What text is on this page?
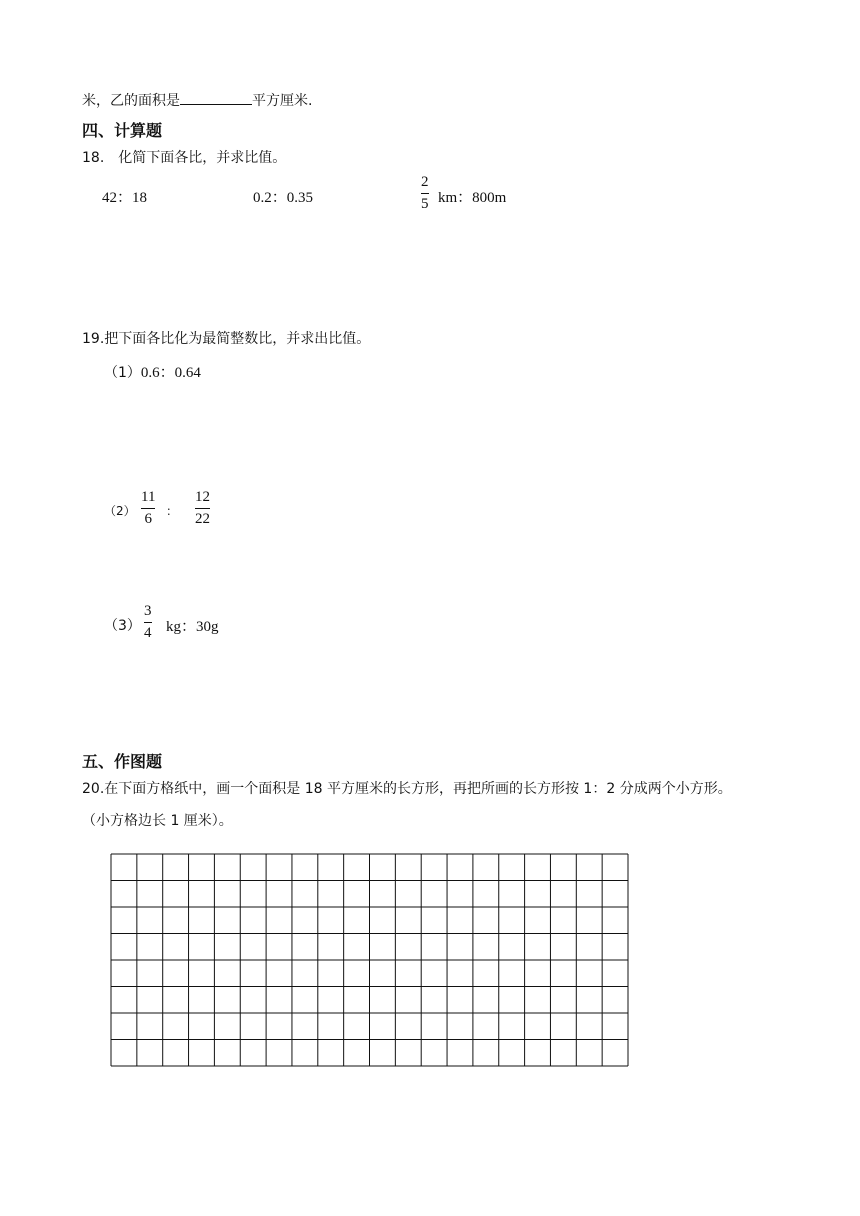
米，乙的面积是	平方厘米.
四、计算题
18. 化简下面各比，并求比值。
42：18	0.2：0.35
2
5 km：800m
19.把下面各比化为最简整数比，并求出比值。
（1）0.6：0.64
（2）
11
6 ：
12
22
（3）
3
4 kg：30g
五、作图题
20.在下面方格纸中，画一个面积是 18 平方厘米的长方形，再把所画的长方形按 1：2 分成两个小方形。
（小方格边长 1 厘米）。
